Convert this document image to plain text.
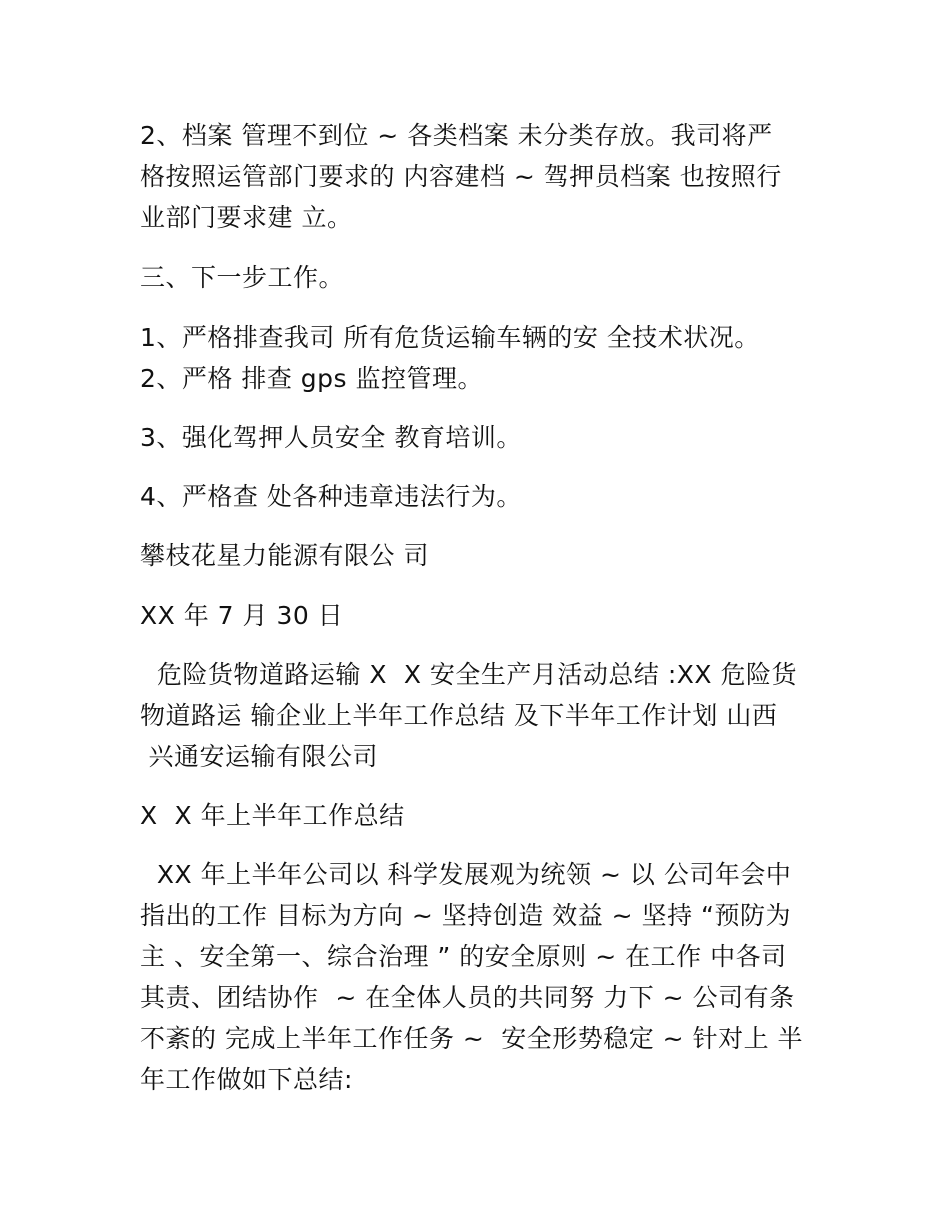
2、档案 管理不到位 ~ 各类档案 未分类存放。我司将严
格按照运管部门要求的 内容建档 ~ 驾押员档案 也按照行
业部门要求建 立。
三、下一步工作。
1、严格排查我司 所有危货运输车辆的安 全技术状况。
2、严格 排查 gps 监控管理。
3、强化驾押人员安全 教育培训。
4、严格查 处各种违章违法行为。
攀枝花星力能源有限公 司
XX 年 7 月 30 日
危险货物道路运输 X  X 安全生产月活动总结 :XX 危险货
物道路运 输企业上半年工作总结 及下半年工作计划 山西
兴通安运输有限公司
X  X 年上半年工作总结
XX 年上半年公司以 科学发展观为统领 ~ 以 公司年会中
指出的工作 目标为方向 ~ 坚持创造 效益 ~ 坚持 “预防为
主 、安全第一、综合治理 ” 的安全原则 ~ 在工作 中各司
其责、团结协作  ~ 在全体人员的共同努 力下 ~ 公司有条
不紊的 完成上半年工作任务 ~  安全形势稳定 ~ 针对上 半
年工作做如下总结:
